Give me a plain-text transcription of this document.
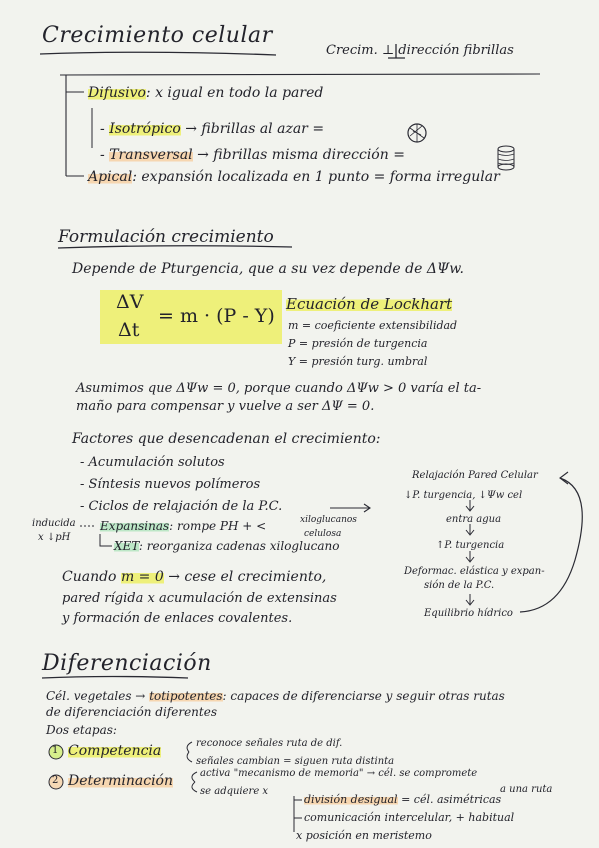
Crecimiento celular
Crecim. ⊥ dirección fibrillas
Difusivo: x igual en todo la pared
- Isotrópico → fibrillas al azar =
- Transversal → fibrillas misma dirección =
Apical: expansión localizada en 1 punto = forma irregular
Formulación crecimiento
Depende de Pturgencia, que a su vez depende de ΔΨw.
ΔV
Δt
= m · (P - Y)
Ecuación de Lockhart
m = coeficiente extensibilidad
P = presión de turgencia
Y = presión turg. umbral
Asumimos que ΔΨw = 0, porque cuando ΔΨw > 0 varía el ta-
maño para compensar y vuelve a ser ΔΨ = 0.
Factores que desencadenan el crecimiento:
- Acumulación solutos
- Síntesis nuevos polímeros
- Ciclos de relajación de la P.C.
inducida
x ↓pH
Expansinas: rompe PH + <	xiloglucanos
celulosa
XET: reorganiza cadenas xiloglucano
Relajación Pared Celular
↓P. turgencia, ↓Ψw cel
entra agua
↑P. turgencia
Deformac. elástica y expan-
sión de la P.C.
Equilibrio hídrico
Cuando m = 0 → cese el crecimiento,
pared rígida x acumulación de extensinas
y formación de enlaces covalentes.
Diferenciación
Cél. vegetales → totipotentes: capaces de diferenciarse y seguir otras rutas
de diferenciación diferentes
Dos etapas:
1 Competencia	reconoce señales ruta de dif.
señales cambian = siguen ruta distinta
2 Determinación	activa "mecanismo de memoria" → cél. se compromete
a una ruta
se adquiere x
división desigual = cél. asimétricas
comunicación intercelular, + habitual
x posición en meristemo
